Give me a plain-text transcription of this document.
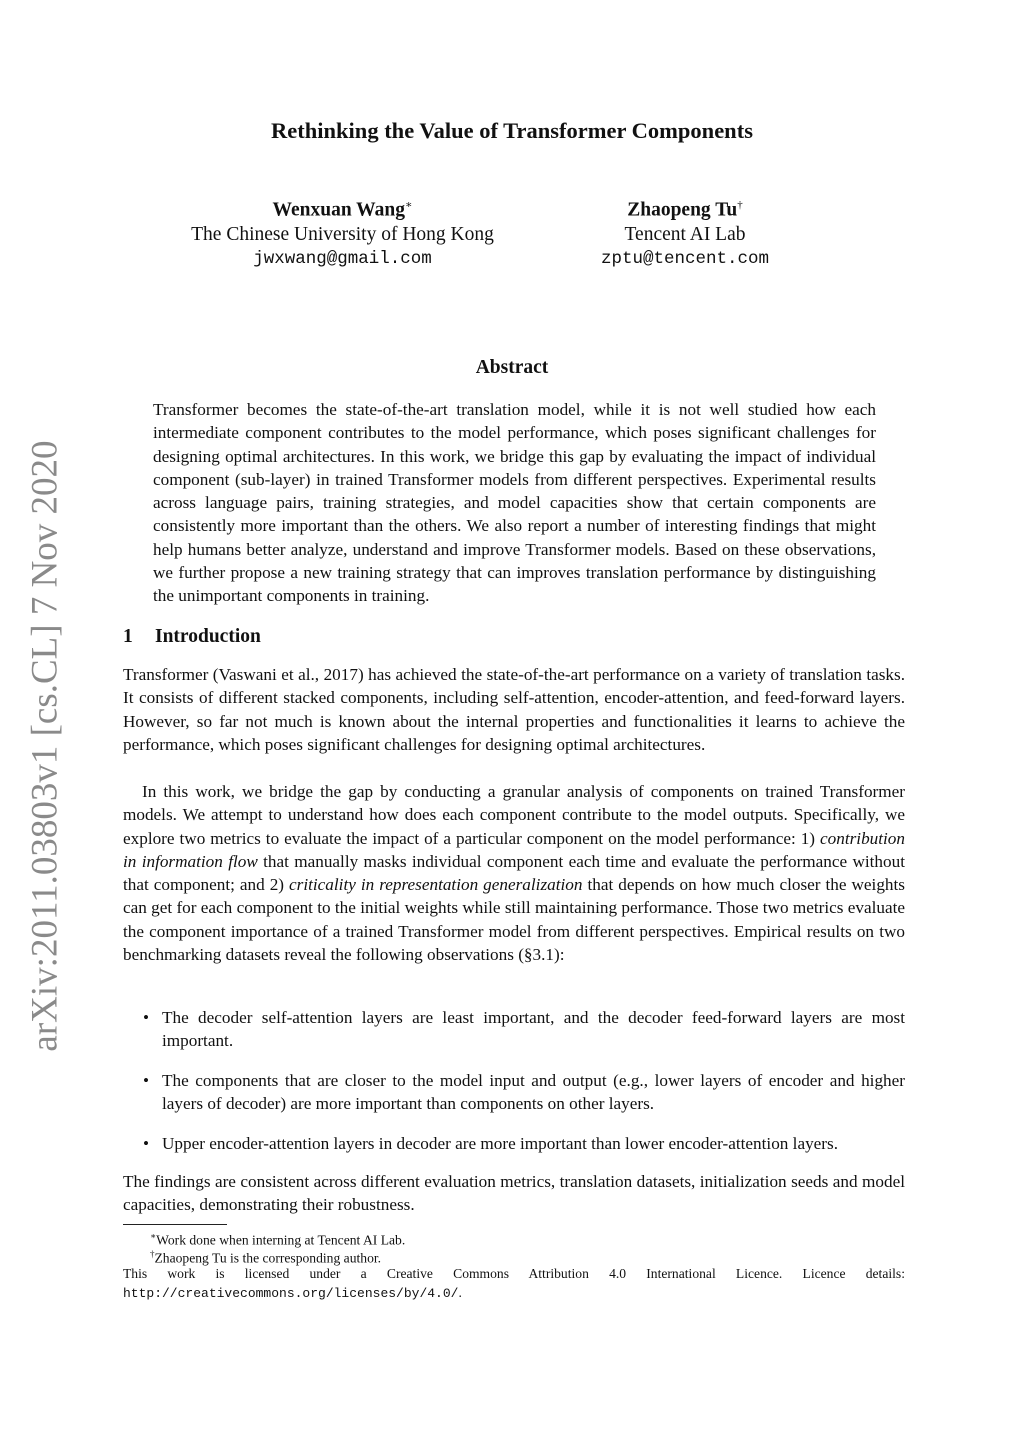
arXiv:2011.03803v1 [cs.CL] 7 Nov 2020
Rethinking the Value of Transformer Components
Wenxuan Wang∗
The Chinese University of Hong Kong
jwxwang@gmail.com
Zhaopeng Tu†
Tencent AI Lab
zptu@tencent.com
Abstract

Transformer becomes the state-of-the-art translation model, while it is not well studied how each intermediate component contributes to the model performance, which poses significant challenges for designing optimal architectures. In this work, we bridge this gap by evaluating the impact of individual component (sub-layer) in trained Transformer models from different perspectives. Experimental results across language pairs, training strategies, and model capacities show that certain components are consistently more important than the others. We also report a number of interesting findings that might help humans better analyze, understand and improve Transformer models. Based on these observations, we further propose a new training strategy that can improves translation performance by distinguishing the unimportant components in training.

1 Introduction

Transformer (Vaswani et al., 2017) has achieved the state-of-the-art performance on a variety of translation tasks. It consists of different stacked components, including self-attention, encoder-attention, and feed-forward layers. However, so far not much is known about the internal properties and functionalities it learns to achieve the performance, which poses significant challenges for designing optimal architectures.

In this work, we bridge the gap by conducting a granular analysis of components on trained Transformer models. We attempt to understand how does each component contribute to the model outputs. Specifically, we explore two metrics to evaluate the impact of a particular component on the model performance: 1) contribution in information flow that manually masks individual component each time and evaluate the performance without that component; and 2) criticality in representation generalization that depends on how much closer the weights can get for each component to the initial weights while still maintaining performance. Those two metrics evaluate the component importance of a trained Transformer model from different perspectives. Empirical results on two benchmarking datasets reveal the following observations (§3.1):

• The decoder self-attention layers are least important, and the decoder feed-forward layers are most important.
• The components that are closer to the model input and output (e.g., lower layers of encoder and higher layers of decoder) are more important than components on other layers.
• Upper encoder-attention layers in decoder are more important than lower encoder-attention layers.

The findings are consistent across different evaluation metrics, translation datasets, initialization seeds and model capacities, demonstrating their robustness.

∗Work done when interning at Tencent AI Lab.
†Zhaopeng Tu is the corresponding author.

This work is licensed under a Creative Commons Attribution 4.0 International Licence. Licence details: http://creativecommons.org/licenses/by/4.0/.
